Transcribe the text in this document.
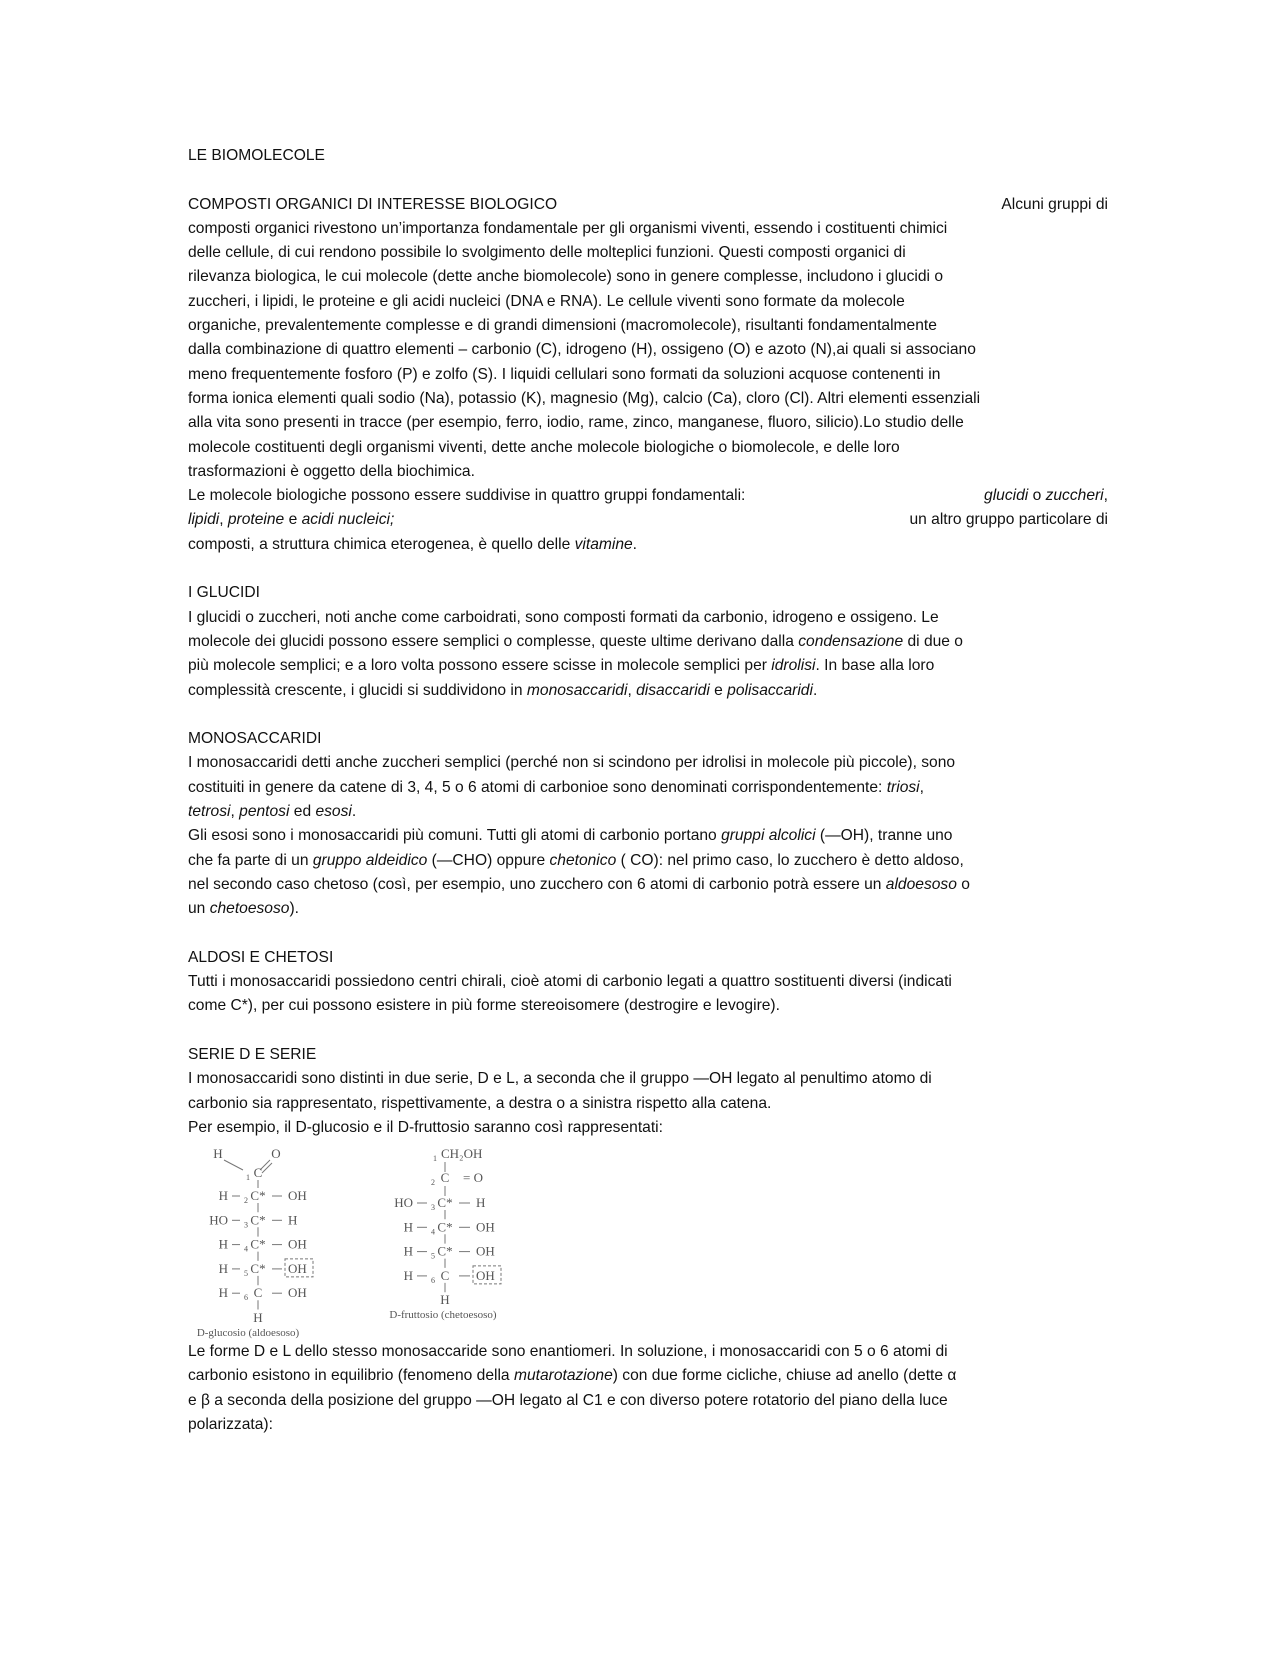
LE BIOMOLECOLE
COMPOSTI ORGANICI DI INTERESSE BIOLOGICO	Alcuni gruppi di
composti organici rivestono un’importanza fondamentale per gli organismi viventi, essendo i costituenti chimici
delle cellule, di cui rendono possibile lo svolgimento delle molteplici funzioni. Questi composti organici di
rilevanza biologica, le cui molecole (dette anche biomolecole) sono in genere complesse, includono i glucidi o
zuccheri, i lipidi, le proteine e gli acidi nucleici (DNA e RNA). Le cellule viventi sono formate da molecole
organiche, prevalentemente complesse e di grandi dimensioni (macromolecole), risultanti fondamentalmente
dalla combinazione di quattro elementi – carbonio (C), idrogeno (H), ossigeno (O) e azoto (N),ai quali si associano
meno frequentemente fosforo (P) e zolfo (S). I liquidi cellulari sono formati da soluzioni acquose contenenti in
forma ionica elementi quali sodio (Na), potassio (K), magnesio (Mg), calcio (Ca), cloro (Cl). Altri elementi essenziali
alla vita sono presenti in tracce (per esempio, ferro, iodio, rame, zinco, manganese, fluoro, silicio).Lo studio delle
molecole costituenti degli organismi viventi, dette anche molecole biologiche o biomolecole, e delle loro
trasformazioni è oggetto della biochimica.
Le molecole biologiche possono essere suddivise in quattro gruppi fondamentali:	glucidi o zuccheri,
lipidi, proteine e acidi nucleici;	un altro gruppo particolare di
composti, a struttura chimica eterogenea, è quello delle vitamine.
I GLUCIDI
I glucidi o zuccheri, noti anche come carboidrati, sono composti formati da carbonio, idrogeno e ossigeno. Le
molecole dei glucidi possono essere semplici o complesse, queste ultime derivano dalla condensazione di due o
più molecole semplici; e a loro volta possono essere scisse in molecole semplici per idrolisi. In base alla loro
complessità crescente, i glucidi si suddividono in monosaccaridi, disaccaridi e polisaccaridi.
MONOSACCARIDI
I monosaccaridi detti anche zuccheri semplici (perché non si scindono per idrolisi in molecole più piccole), sono
costituiti in genere da catene di 3, 4, 5 o 6 atomi di carbonioe sono denominati corrispondentemente: triosi,
tetrosi, pentosi ed esosi.
Gli esosi sono i monosaccaridi più comuni. Tutti gli atomi di carbonio portano gruppi alcolici (—OH), tranne uno
che fa parte di un gruppo aldeidico (—CHO) oppure chetonico ( CO): nel primo caso, lo zucchero è detto aldoso,
nel secondo caso chetoso (così, per esempio, uno zucchero con 6 atomi di carbonio potrà essere un aldoesoso o
un chetoesoso).
ALDOSI E CHETOSI
Tutti i monosaccaridi possiedono centri chirali, cioè atomi di carbonio legati a quattro sostituenti diversi (indicati
come C*), per cui possono esistere in più forme stereoisomere (destrogire e levogire).
SERIE D E SERIE
I monosaccaridi sono distinti in due serie, D e L, a seconda che il gruppo —OH legato al penultimo atomo di
carbonio sia rappresentato, rispettivamente, a destra o a sinistra rispetto alla catena.
Per esempio, il D-glucosio e il D-fruttosio saranno così rappresentati:
H	O
1 C
H 2 C* OH
HO 3 C* H
H 4 C* OH
H 5 C* OH
H 6 C OH
H
D-glucosio (aldoesoso)
1 CH₂OH
2 C = O
HO 3 C* H
H 4 C* OH
H 5 C* OH
H 6 C OH
H
D-fruttosio (chetoesoso)
Le forme D e L dello stesso monosaccaride sono enantiomeri. In soluzione, i monosaccaridi con 5 o 6 atomi di
carbonio esistono in equilibrio (fenomeno della mutarotazione) con due forme cicliche, chiuse ad anello (dette α
e β a seconda della posizione del gruppo —OH legato al C1 e con diverso potere rotatorio del piano della luce
polarizzata):
